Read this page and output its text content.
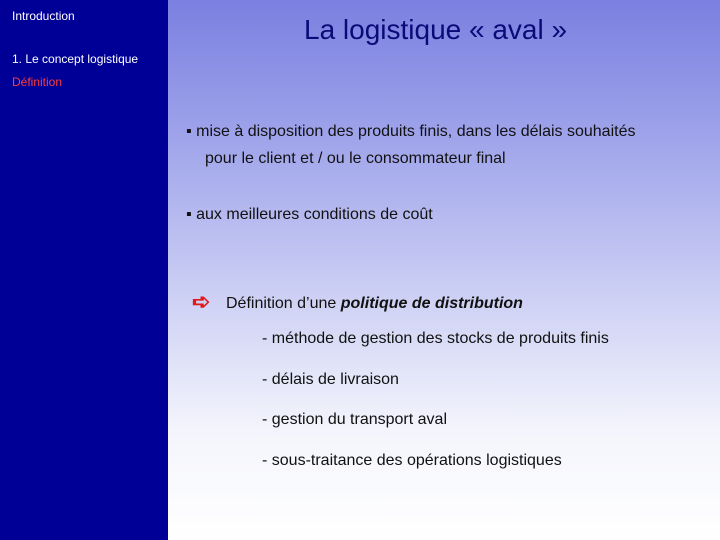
Introduction
1. Le concept logistique
Définition
La logistique « aval »
▪ mise à disposition des produits finis, dans les délais souhaités
pour le client et / ou le consommateur final
▪ aux meilleures conditions de coût
➪ Définition d’une politique de distribution
- méthode de gestion des stocks de produits finis
- délais de livraison
- gestion du transport aval
- sous-traitance des opérations logistiques
